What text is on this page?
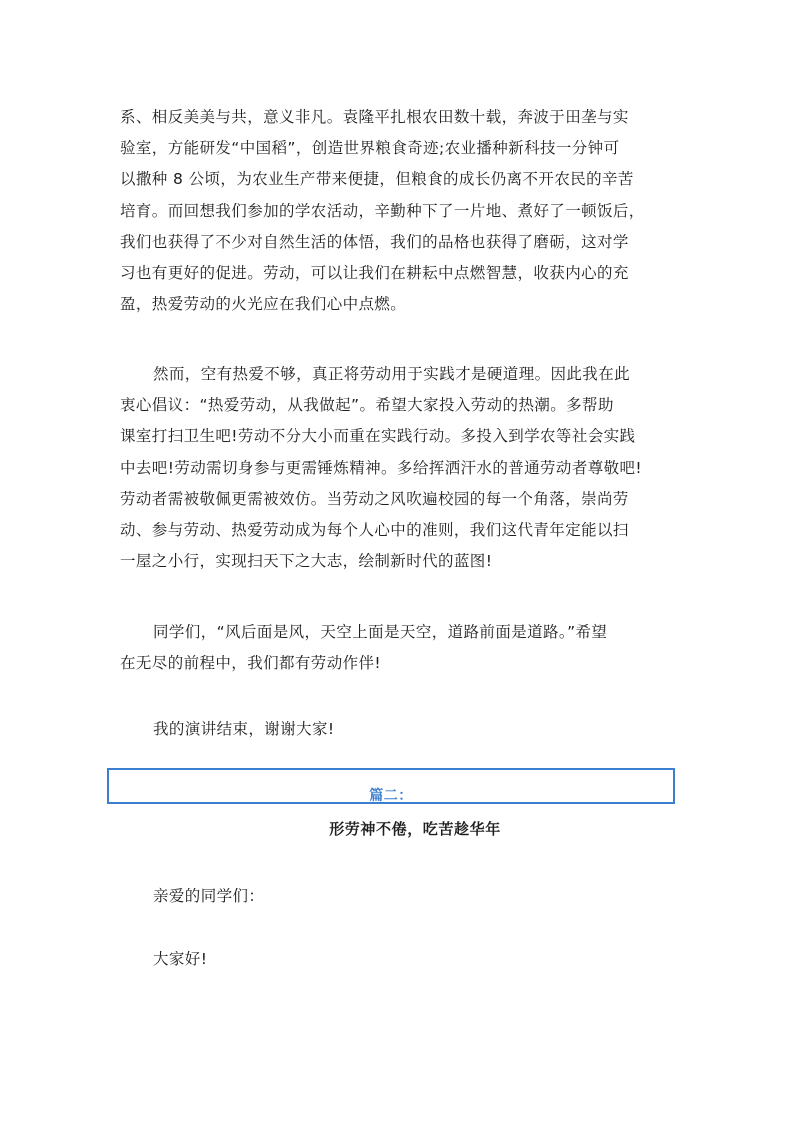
系、相反美美与共，意义非凡。袁隆平扎根农田数十载，奔波于田垄与实
验室，方能研发“中国稻”，创造世界粮食奇迹;农业播种新科技一分钟可
以撒种 8 公顷，为农业生产带来便捷，但粮食的成长仍离不开农民的辛苦
培育。而回想我们参加的学农活动，辛勤种下了一片地、煮好了一顿饭后，
我们也获得了不少对自然生活的体悟，我们的品格也获得了磨砺，这对学
习也有更好的促进。劳动，可以让我们在耕耘中点燃智慧，收获内心的充
盈，热爱劳动的火光应在我们心中点燃。
然而，空有热爱不够，真正将劳动用于实践才是硬道理。因此我在此
衷心倡议：“热爱劳动，从我做起”。希望大家投入劳动的热潮。多帮助
课室打扫卫生吧!劳动不分大小而重在实践行动。多投入到学农等社会实践
中去吧!劳动需切身参与更需锤炼精神。多给挥洒汗水的普通劳动者尊敬吧!
劳动者需被敬佩更需被效仿。当劳动之风吹遍校园的每一个角落，崇尚劳
动、参与劳动、热爱劳动成为每个人心中的准则，我们这代青年定能以扫
一屋之小行，实现扫天下之大志，绘制新时代的蓝图!
同学们，“风后面是风，天空上面是天空，道路前面是道路。”希望
在无尽的前程中，我们都有劳动作伴!
我的演讲结束，谢谢大家!
篇二：
形劳神不倦，吃苦趁华年
亲爱的同学们：
大家好!
